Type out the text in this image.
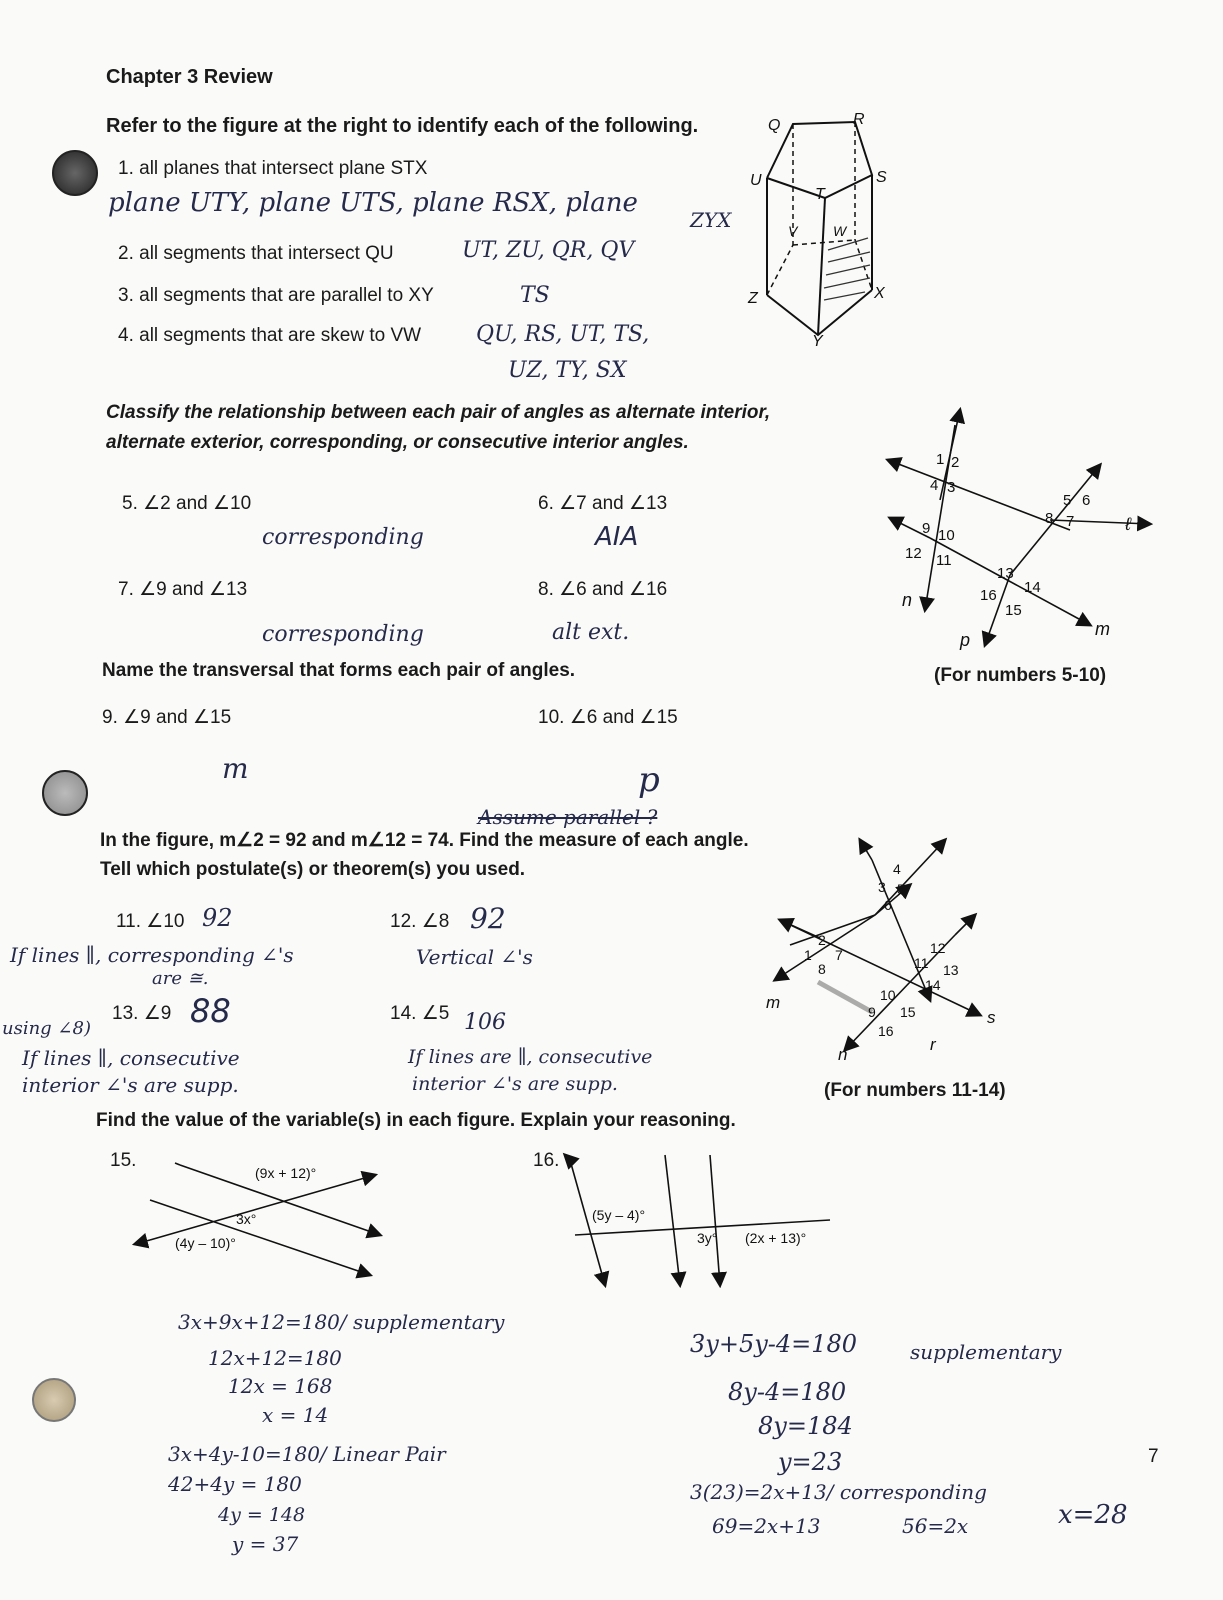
Chapter 3 Review
Refer to the figure at the right to identify each of the following.
1. all planes that intersect plane STX
plane UTY, plane UTS, plane RSX, plane
ZYX
2. all segments that intersect QU	UT, ZU, QR, QV
3. all segments that are parallel to XY	TS
4. all segments that are skew to VW QU, RS, UT, TS,
UZ, TY, SX
Q	R
U
T
S
V	W
Z	X
Y
Classify the relationship between each pair of angles as alternate interior,
alternate exterior, corresponding, or consecutive interior angles.
5. ∠2 and ∠10
corresponding
6. ∠7 and ∠13
AIA
7. ∠9 and ∠13
corresponding
8. ∠6 and ∠16
alt ext.
Name the transversal that forms each pair of angles.
9. ∠9 and ∠15
m
10. ∠6 and ∠15
p
1 2
4 3
5 6
8 7
9 10
12 11
13
14
16
15
ℓ
m
n
p
(For numbers 5-10)
Assume parallel ?
In the figure, m∠2 = 92 and m∠12 = 74. Find the measure of each angle.
Tell which postulate(s) or theorem(s) you used.
11. ∠10 92
If lines ∥, corresponding ∠'s
are ≅.
12. ∠8 92
Vertical ∠'s
13. ∠9
using ∠8)	88
If lines ∥, consecutive
interior ∠'s are supp.
14. ∠5 106
If lines are ∥, consecutive
interior ∠'s are supp.
4
3 5
6
1
2
7
8
12
11 13
14
10
9 15
16
m
n
r
s
(For numbers 11-14)
Find the value of the variable(s) in each figure. Explain your reasoning.
15.	16.
(9x + 12)°
3x°
(4y – 10)°
(5y – 4)°
3y° (2x + 13)°
3x+9x+12=180/ supplementary
12x+12=180
12x = 168
x = 14
3x+4y-10=180/ Linear Pair
42+4y = 180
4y = 148
y = 37
3y+5y-4=180	supplementary
8y-4=180
8y=184
y=23
3(23)=2x+13/ corresponding
69=2x+13	56=2x	x=28
7
